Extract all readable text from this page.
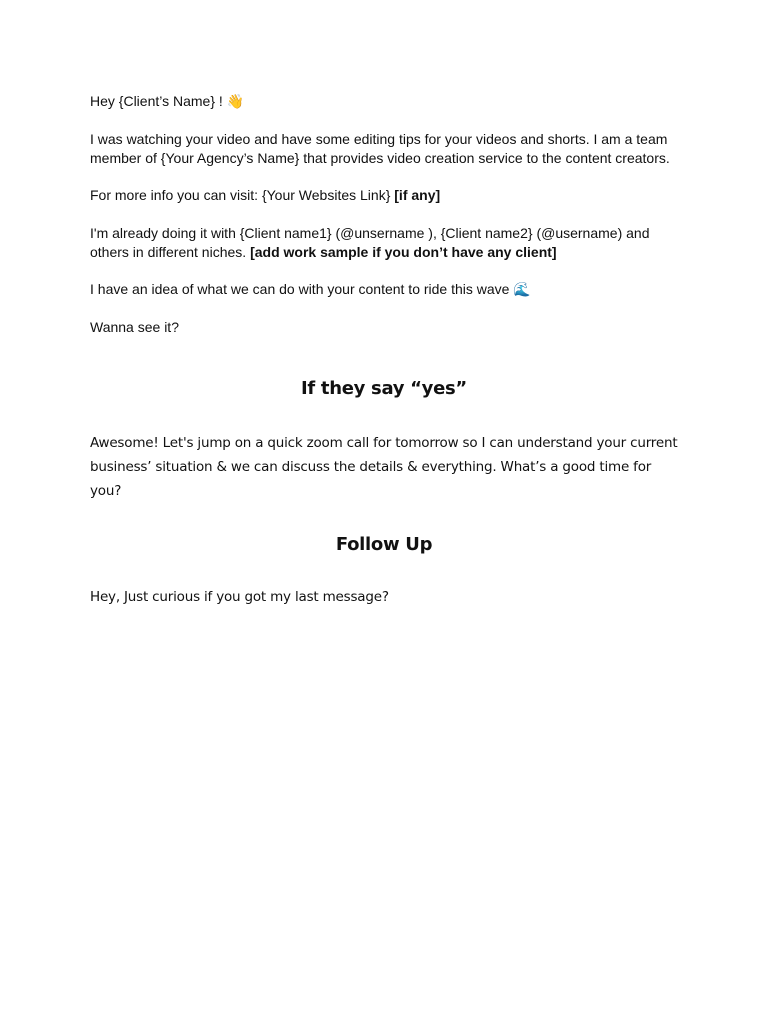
Hey {Client’s Name} ! 👋

I was watching your video and have some editing tips for your videos and shorts. I am a team member of {Your Agency’s Name} that provides video creation service to the content creators.

For more info you can visit: {Your Websites Link} [if any]

I'm already doing it with {Client name1} (@unsername ), {Client name2} (@username) and others in different niches. [add work sample if you don’t have any client]

I have an idea of what we can do with your content to ride this wave 🌊

Wanna see it?

If they say “yes”

Awesome! Let's jump on a quick zoom call for tomorrow so I can understand your current business’ situation & we can discuss the details & everything. What’s a good time for you?

Follow Up

Hey, Just curious if you got my last message?
